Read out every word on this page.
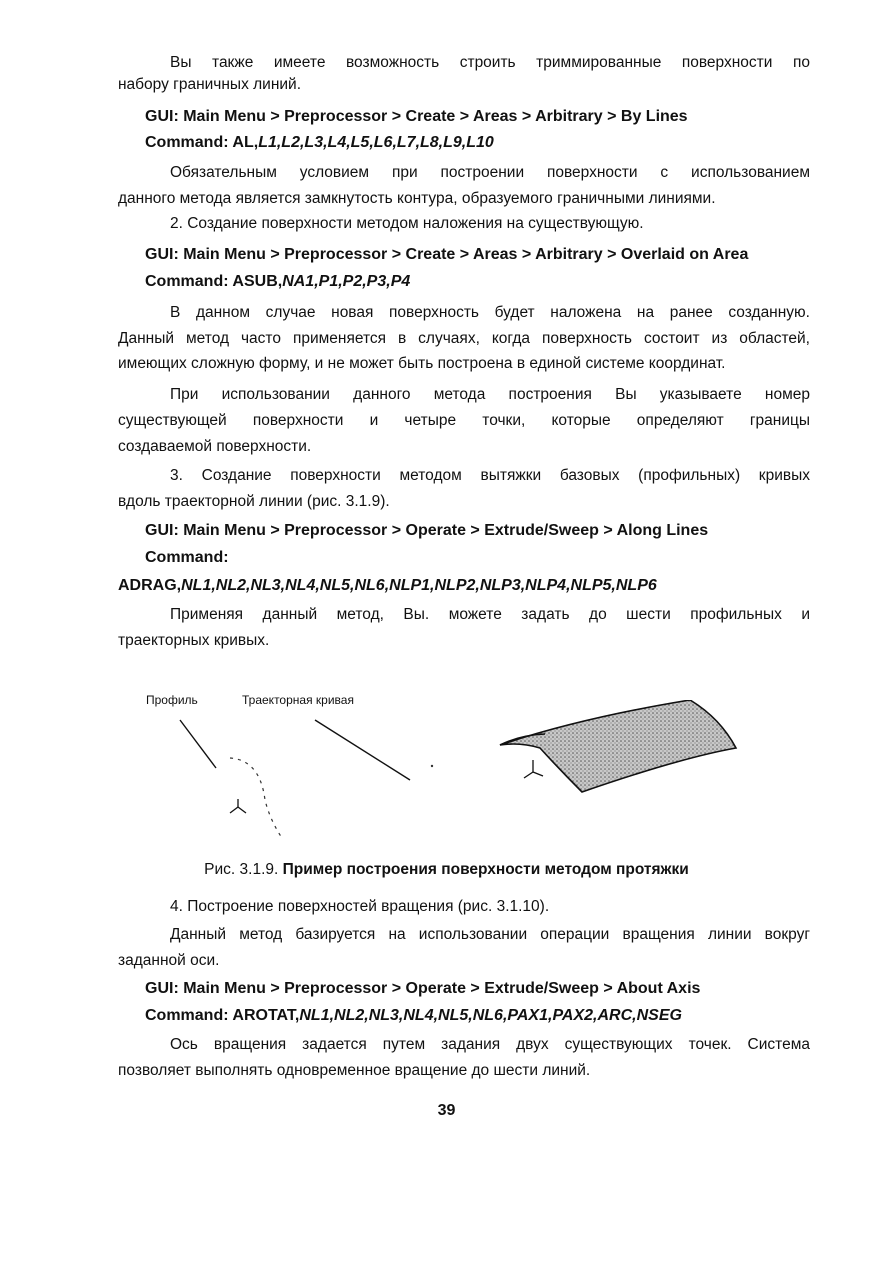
Вы также имеете возможность строить триммированные поверхности по

набору граничных линий.

GUI: Main Menu > Preprocessor > Create > Areas > Arbitrary > By Lines

Command: AL,L1,L2,L3,L4,L5,L6,L7,L8,L9,L10

Обязательным условием при построении поверхности с использованием

данного метода является замкнутость контура, образуемого граничными линиями.

2. Создание поверхности методом наложения на существующую.

GUI: Main Menu > Preprocessor > Create > Areas > Arbitrary > Overlaid on Area

Command: ASUB,NA1,P1,P2,P3,P4

В данном случае новая поверхность будет наложена на ранее созданную.

Данный метод часто применяется в случаях, когда поверхность состоит из областей,

имеющих сложную форму, и не может быть построена в единой системе координат.

При использовании данного метода построения Вы указываете номер

существующей поверхности и четыре точки, которые определяют границы

создаваемой поверхности.

3. Создание поверхности методом вытяжки базовых (профильных) кривых

вдоль траекторной линии (рис. 3.1.9).

GUI: Main Menu > Preprocessor > Operate > Extrude/Sweep > Along Lines

Command:

ADRAG,NL1,NL2,NL3,NL4,NL5,NL6,NLP1,NLP2,NLP3,NLP4,NLP5,NLP6

Применяя данный метод, Вы. можете задать до шести профильных и

траекторных кривых.

Профиль	Траекторная кривая
Рис. 3.1.9. Пример построения поверхности методом протяжки

4. Построение поверхностей вращения (рис. 3.1.10).

Данный метод базируется на использовании операции вращения линии вокруг

заданной оси.

GUI: Main Menu > Preprocessor > Operate > Extrude/Sweep > About Axis

Command: AROTAT,NL1,NL2,NL3,NL4,NL5,NL6,PAX1,PAX2,ARC,NSEG

Ось вращения задается путем задания двух существующих точек. Система

позволяет выполнять одновременное вращение до шести линий.

39
